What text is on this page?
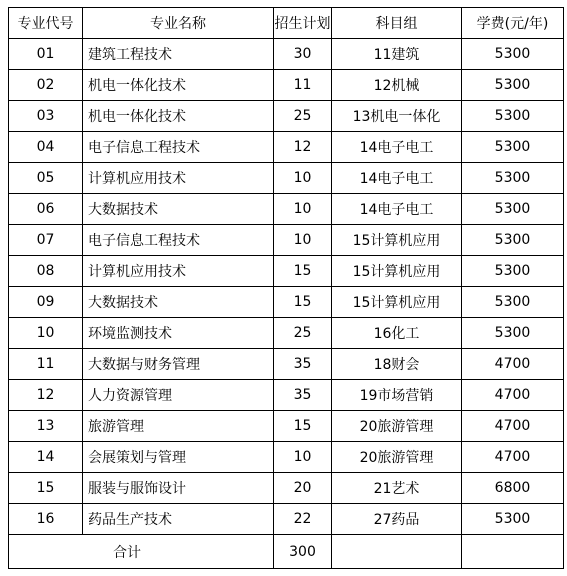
专业代号	专业名称	招生计划	科目组	学费(元/年)
01	建筑工程技术	30	11建筑	5300
02	机电一体化技术	11	12机械	5300
03	机电一体化技术	25	13机电一体化	5300
04	电子信息工程技术	12	14电子电工	5300
05	计算机应用技术	10	14电子电工	5300
06	大数据技术	10	14电子电工	5300
07	电子信息工程技术	10	15计算机应用	5300
08	计算机应用技术	15	15计算机应用	5300
09	大数据技术	15	15计算机应用	5300
10	环境监测技术	25	16化工	5300
11	大数据与财务管理	35	18财会	4700
12	人力资源管理	35	19市场营销	4700
13	旅游管理	15	20旅游管理	4700
14	会展策划与管理	10	20旅游管理	4700
15	服装与服饰设计	20	21艺术	6800
16	药品生产技术	22	27药品	5300
合计		300		
